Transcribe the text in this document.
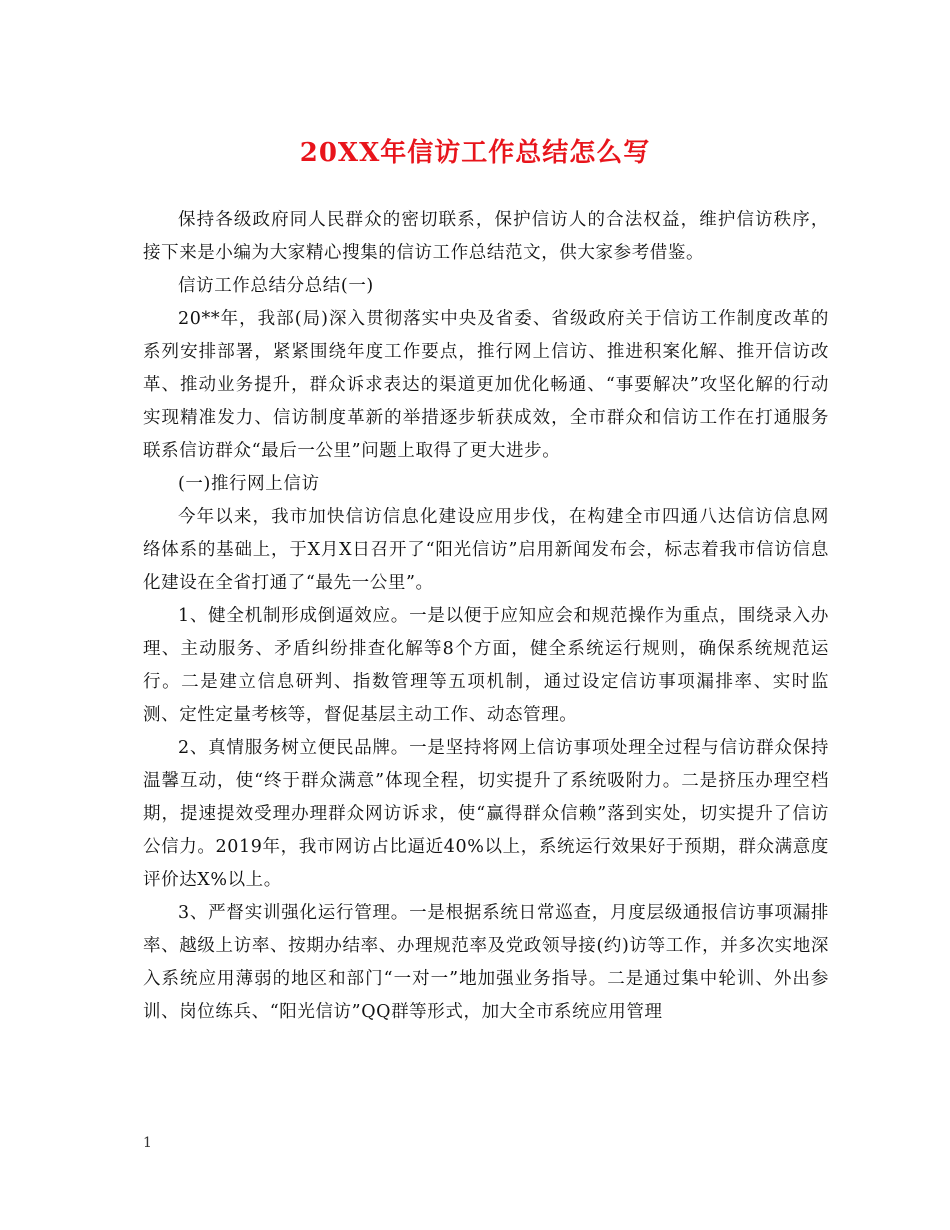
20XX年信访工作总结怎么写

保持各级政府同人民群众的密切联系，保护信访人的合法权益，维护信访秩序，接下来是小编为大家精心搜集的信访工作总结范文，供大家参考借鉴。

信访工作总结分总结(一)

20**年，我部(局)深入贯彻落实中央及省委、省级政府关于信访工作制度改革的系列安排部署，紧紧围绕年度工作要点，推行网上信访、推进积案化解、推开信访改革、推动业务提升，群众诉求表达的渠道更加优化畅通、“事要解决”攻坚化解的行动实现精准发力、信访制度革新的举措逐步斩获成效，全市群众和信访工作在打通服务联系信访群众“最后一公里”问题上取得了更大进步。

(一)推行网上信访

今年以来，我市加快信访信息化建设应用步伐，在构建全市四通八达信访信息网络体系的基础上，于X月X日召开了“阳光信访”启用新闻发布会，标志着我市信访信息化建设在全省打通了“最先一公里”。

1、健全机制形成倒逼效应。一是以便于应知应会和规范操作为重点，围绕录入办理、主动服务、矛盾纠纷排查化解等8个方面，健全系统运行规则，确保系统规范运行。二是建立信息研判、指数管理等五项机制，通过设定信访事项漏排率、实时监测、定性定量考核等，督促基层主动工作、动态管理。

2、真情服务树立便民品牌。一是坚持将网上信访事项处理全过程与信访群众保持温馨互动，使“终于群众满意”体现全程，切实提升了系统吸附力。二是挤压办理空档期，提速提效受理办理群众网访诉求，使“赢得群众信赖”落到实处，切实提升了信访公信力。2019年，我市网访占比逼近40%以上，系统运行效果好于预期，群众满意度评价达X%以上。

3、严督实训强化运行管理。一是根据系统日常巡查，月度层级通报信访事项漏排率、越级上访率、按期办结率、办理规范率及党政领导接(约)访等工作，并多次实地深入系统应用薄弱的地区和部门“一对一”地加强业务指导。二是通过集中轮训、外出参训、岗位练兵、“阳光信访”QQ群等形式，加大全市系统应用管理

1
